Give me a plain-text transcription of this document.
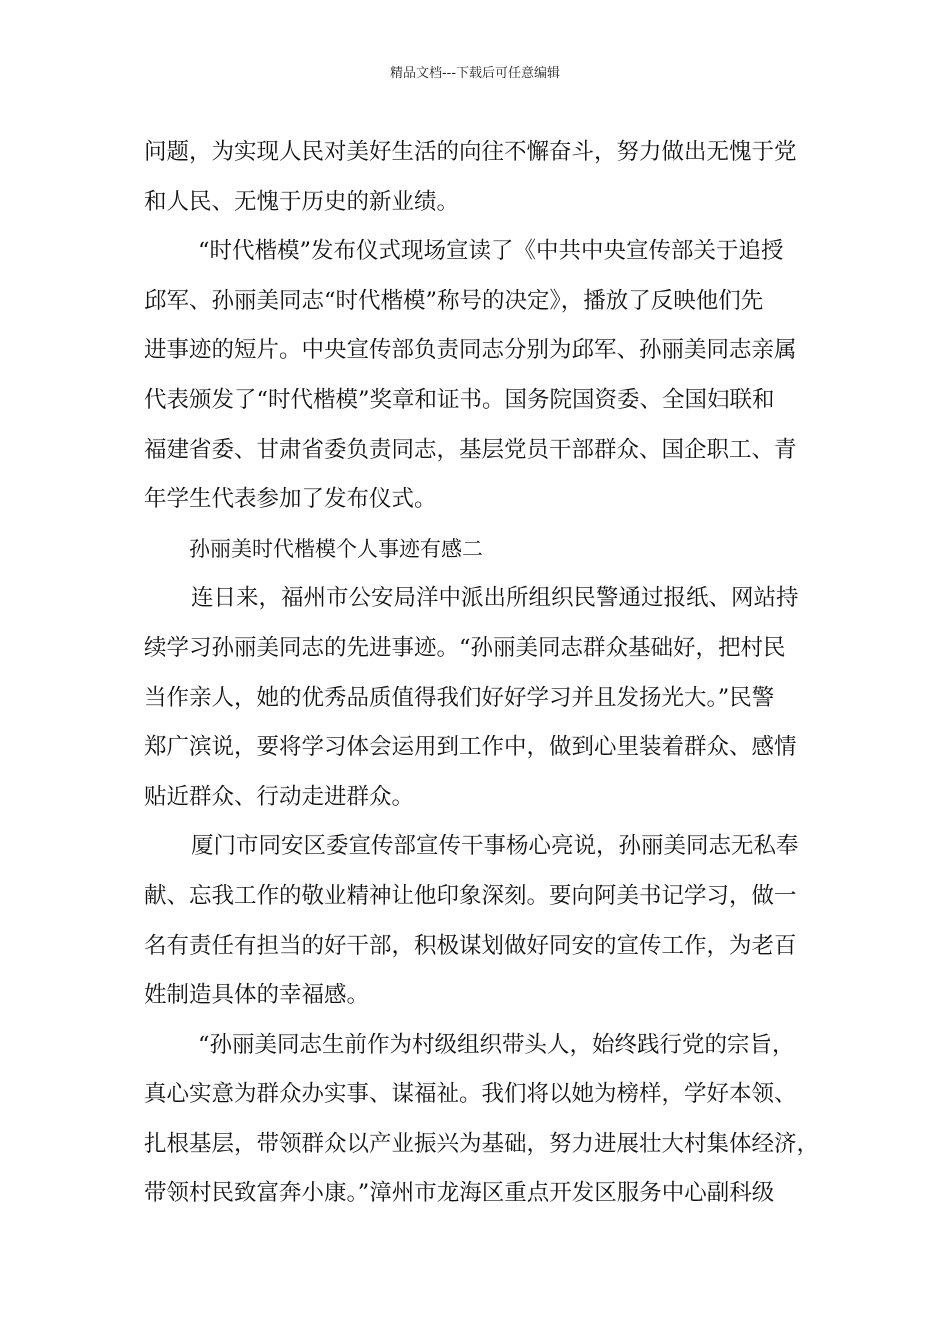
精品文档---下载后可任意编辑
问题，为实现人民对美好生活的向往不懈奋斗，努力做出无愧于党
和人民、无愧于历史的新业绩。
“时代楷模”发布仪式现场宣读了《中共中央宣传部关于追授
邱军、孙丽美同志“时代楷模”称号的决定》，播放了反映他们先
进事迹的短片。中央宣传部负责同志分别为邱军、孙丽美同志亲属
代表颁发了“时代楷模”奖章和证书。国务院国资委、全国妇联和
福建省委、甘肃省委负责同志，基层党员干部群众、国企职工、青
年学生代表参加了发布仪式。
孙丽美时代楷模个人事迹有感二
连日来，福州市公安局洋中派出所组织民警通过报纸、网站持
续学习孙丽美同志的先进事迹。“孙丽美同志群众基础好，把村民
当作亲人，她的优秀品质值得我们好好学习并且发扬光大。”民警
郑广滨说，要将学习体会运用到工作中，做到心里装着群众、感情
贴近群众、行动走进群众。
厦门市同安区委宣传部宣传干事杨心亮说，孙丽美同志无私奉
献、忘我工作的敬业精神让他印象深刻。要向阿美书记学习，做一
名有责任有担当的好干部，积极谋划做好同安的宣传工作，为老百
姓制造具体的幸福感。
“孙丽美同志生前作为村级组织带头人，始终践行党的宗旨，
真心实意为群众办实事、谋福祉。我们将以她为榜样，学好本领、
扎根基层，带领群众以产业振兴为基础，努力进展壮大村集体经济，
带领村民致富奔小康。”漳州市龙海区重点开发区服务中心副科级
